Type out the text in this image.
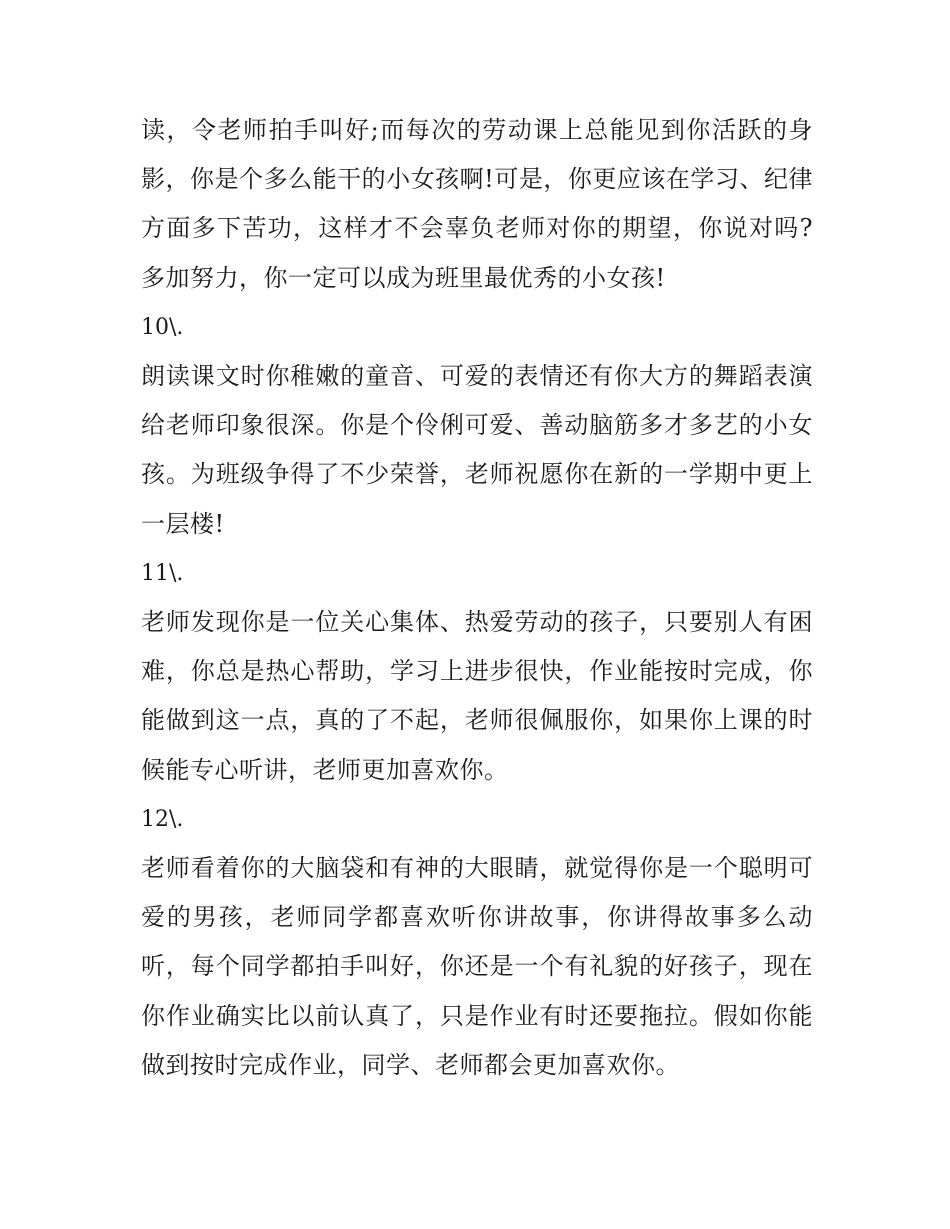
读，令老师拍手叫好;而每次的劳动课上总能见到你活跃的身影，你是个多么能干的小女孩啊!可是，你更应该在学习、纪律方面多下苦功，这样才不会辜负老师对你的期望，你说对吗?多加努力，你一定可以成为班里最优秀的小女孩!

10\.

朗读课文时你稚嫩的童音、可爱的表情还有你大方的舞蹈表演给老师印象很深。你是个伶俐可爱、善动脑筋多才多艺的小女孩。为班级争得了不少荣誉，老师祝愿你在新的一学期中更上一层楼!

11\.

老师发现你是一位关心集体、热爱劳动的孩子，只要别人有困难，你总是热心帮助，学习上进步很快，作业能按时完成，你能做到这一点，真的了不起，老师很佩服你，如果你上课的时候能专心听讲，老师更加喜欢你。

12\.

老师看着你的大脑袋和有神的大眼睛，就觉得你是一个聪明可爱的男孩，老师同学都喜欢听你讲故事，你讲得故事多么动听，每个同学都拍手叫好，你还是一个有礼貌的好孩子，现在你作业确实比以前认真了，只是作业有时还要拖拉。假如你能做到按时完成作业，同学、老师都会更加喜欢你。
